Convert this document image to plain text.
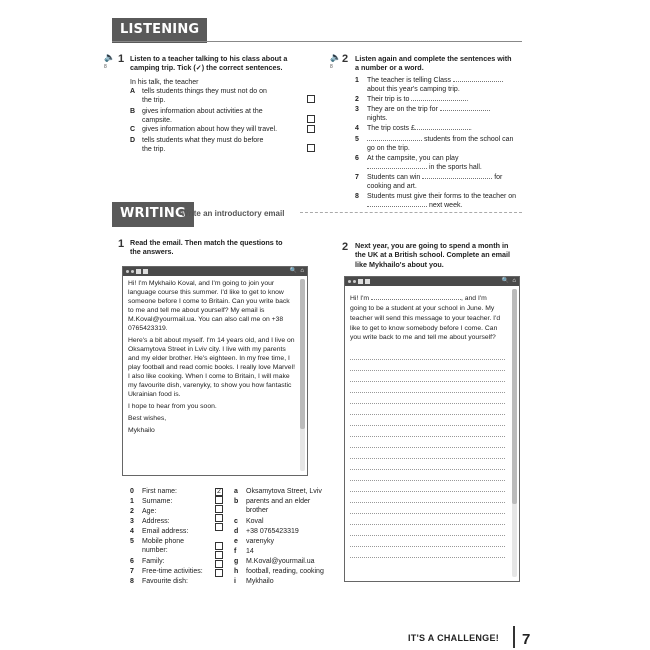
LISTENING
🔈
8
1 Listen to a teacher talking to his class about a camping trip. Tick (✓) the correct sentences.
In his talk, the teacher
A tells students things they must not do on the trip.
B gives information about activities at the campsite.
C gives information about how they will travel.
D tells students what they must do before the trip.
🔈
8
2 Listen again and complete the sentences with a number or a word.
1	The teacher is telling Class
about this year's camping trip.
2	Their trip is to	.
3	They are on the trip for
nights.
4	The trip costs £	.
5	students from the school can go on the trip.
6	At the campsite, you can play
in the sports hall.
7	Students can win	for cooking and art.
8	Students must give their forms to the teacher on  next week.
WRITING
Write an introductory email
1 Read the email. Then match the questions to the answers.
🔍 ⌂

Hi! I'm Mykhailo Koval, and I'm going to join your language course this summer. I'd like to get to know someone before I come to Britain. Can you write back to me and tell me about yourself? My email is M.Koval@yourmail.ua. You can also call me on +38 0765423319.

Here's a bit about myself. I'm 14 years old, and I live on Oksamytova Street in Lviv city. I live with my parents and my elder brother. He's eighteen. In my free time, I play football and read comic books. I really love Marvel! I also like cooking. When I come to Britain, I will make my favourite dish, varenyky, to show you how fantastic Ukrainian food is.

I hope to hear from you soon.

Best wishes,

Mykhailo

0	First name:
1	Surname:
2	Age:
3	Address:
4	Email address:
5	Mobile phone number:
6	Family:
7	Free-time activities:
8	Favourite dish:
2	a	Oksamytova Street, Lviv
b	parents and an elder brother
c	Koval
d	+38 0765423319
e	varenyky
f	14
g	M.Koval@yourmail.ua
h	football, reading, cooking
i	Mykhailo
2 Next year, you are going to spend a month in the UK at a British school. Complete an email like Mykhailo's about you.
🔍 ⌂
Hi! I'm	, and I'm going to be a student at your school in June. My teacher will send this message to your teacher. I'd like to get to know somebody before I come. Can you write back to me and tell me about yourself?
IT'S A CHALLENGE! 7
